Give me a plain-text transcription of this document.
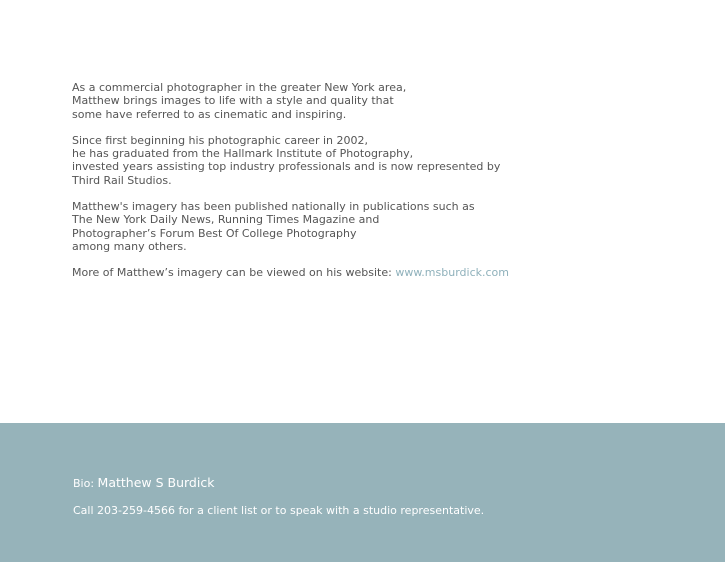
As a commercial photographer in the greater New York area,
Matthew brings images to life with a style and quality that
some have referred to as cinematic and inspiring.

Since first beginning his photographic career in 2002,
he has graduated from the Hallmark Institute of Photography,
invested years assisting top industry professionals and is now represented by
Third Rail Studios.

Matthew's imagery has been published nationally in publications such as
The New York Daily News, Running Times Magazine and
Photographer’s Forum Best Of College Photography
among many others.

More of Matthew’s imagery can be viewed on his website: www.msburdick.com

Bio: Matthew S Burdick
Call 203-259-4566 for a client list or to speak with a studio representative.
